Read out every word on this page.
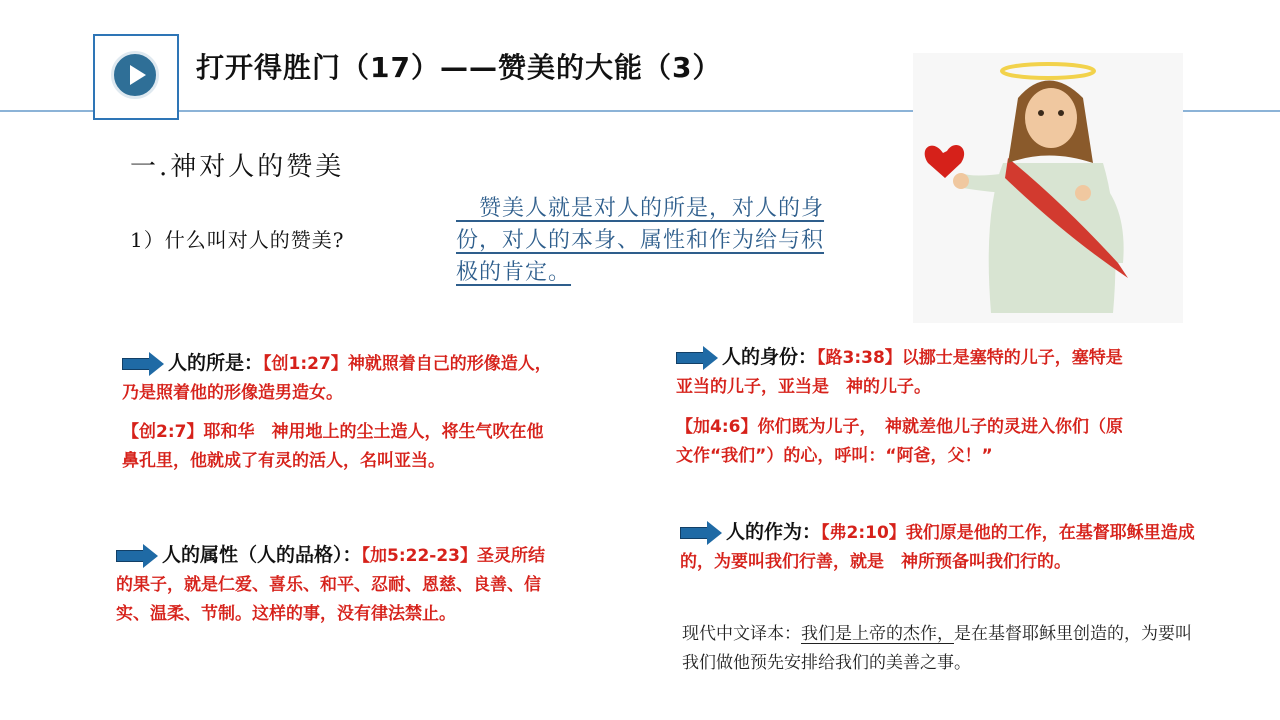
打开得胜门（17）——赞美的大能（3）
一.神对人的赞美
1）什么叫对人的赞美?
　赞美人就是对人的所是，对人的身份，对人的本身、属性和作为给与积极的肯定。
人的所是：【创1:27】神就照着自己的形像造人，乃是照着他的形像造男造女。
【创2:7】耶和华　神用地上的尘土造人，将生气吹在他鼻孔里，他就成了有灵的活人，名叫亚当。
人的属性（人的品格）：【加5:22-23】圣灵所结的果子，就是仁爱、喜乐、和平、忍耐、恩慈、良善、信实、温柔、节制。这样的事，没有律法禁止。
人的身份：【路3:38】以挪士是塞特的儿子，塞特是亚当的儿子，亚当是　神的儿子。
【加4:6】你们既为儿子，　神就差他儿子的灵进入你们（原文作“我们”）的心，呼叫：“阿爸，父！”
人的作为：【弗2:10】我们原是他的工作，在基督耶稣里造成的，为要叫我们行善，就是　神所预备叫我们行的。
现代中文译本：我们是上帝的杰作，是在基督耶稣里创造的，为要叫我们做他预先安排给我们的美善之事。
